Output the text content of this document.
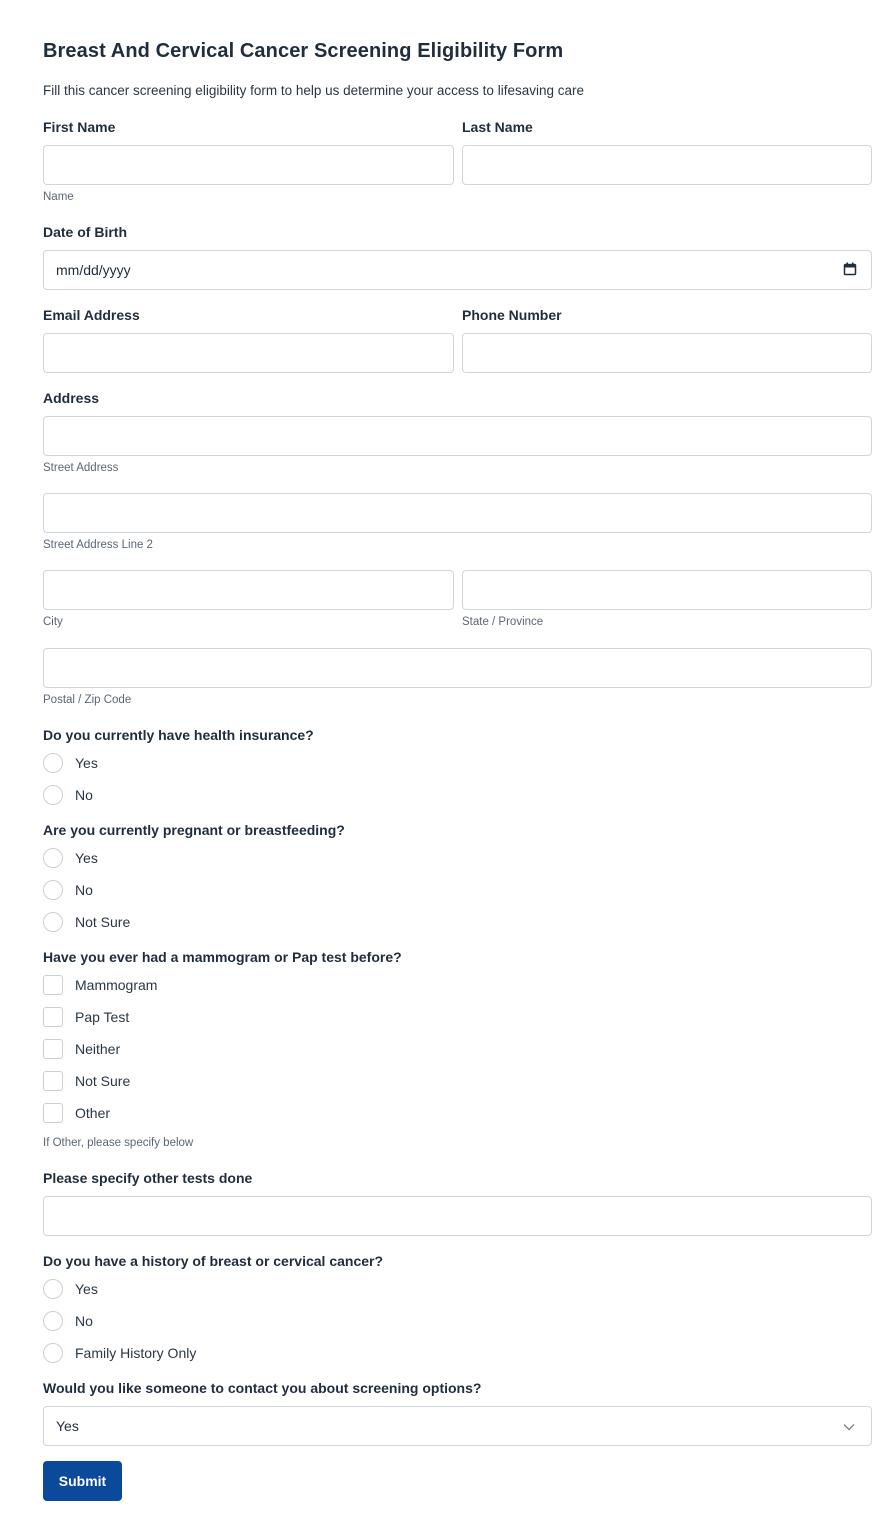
Breast And Cervical Cancer Screening Eligibility Form
Fill this cancer screening eligibility form to help us determine your access to lifesaving care
First Name	Last Name
Name
Date of Birth
mm/dd/yyyy
Email Address	Phone Number
Address
Street Address
Street Address Line 2
City	State / Province
Postal / Zip Code
Do you currently have health insurance?
Yes
No
Are you currently pregnant or breastfeeding?
Yes
No
Not Sure
Have you ever had a mammogram or Pap test before?
Mammogram
Pap Test
Neither
Not Sure
Other
If Other, please specify below
Please specify other tests done
Do you have a history of breast or cervical cancer?
Yes
No
Family History Only
Would you like someone to contact you about screening options?
Yes
Submit
